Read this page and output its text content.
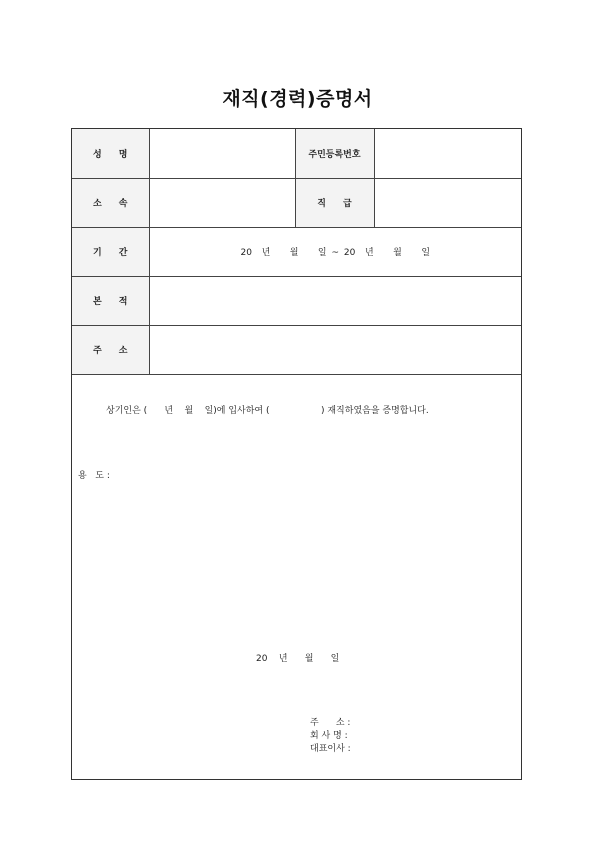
재직(경력)증명서
성 명		주민등록번호	
소 속		직 급	
기 간	20  년    월    일 ~ 20  년    월    일		
본 적			
주 소			
상기인은 (      년    월    일)에 입사하여 (                  ) 재직하였음을 증명합니다.
용   도 :
20    년      월      일
주      소 :
회 사 명 :
대표이사 :
